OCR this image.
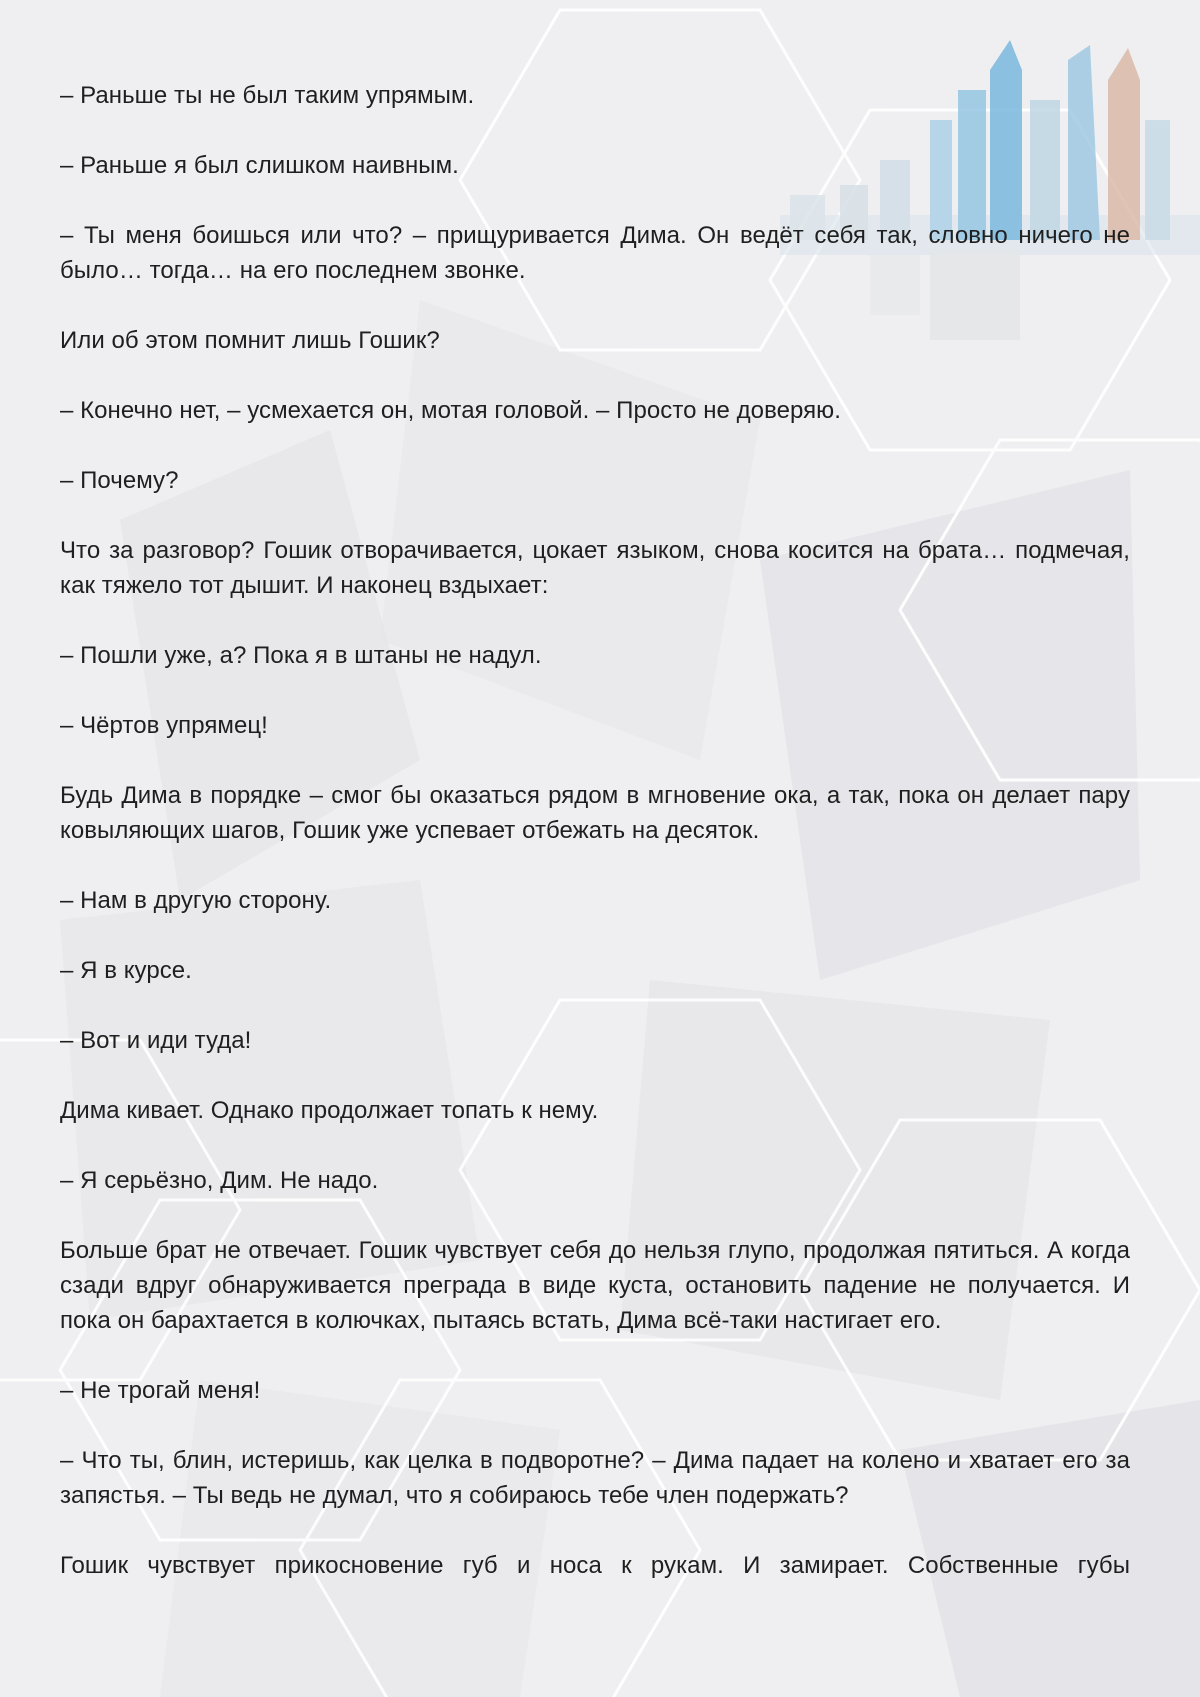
– Раньше ты не был таким упрямым.

– Раньше я был слишком наивным.

– Ты меня боишься или что? – прищуривается Дима. Он ведёт себя так, словно ничего не было… тогда… на его последнем звонке.

Или об этом помнит лишь Гошик?

– Конечно нет, – усмехается он, мотая головой. – Просто не доверяю.

– Почему?

Что за разговор? Гошик отворачивается, цокает языком, снова косится на брата… подмечая, как тяжело тот дышит. И наконец вздыхает:

– Пошли уже, а? Пока я в штаны не надул.

– Чёртов упрямец!

Будь Дима в порядке – смог бы оказаться рядом в мгновение ока, а так, пока он делает пару ковыляющих шагов, Гошик уже успевает отбежать на десяток.

– Нам в другую сторону.

– Я в курсе.

– Вот и иди туда!

Дима кивает. Однако продолжает топать к нему.

– Я серьёзно, Дим. Не надо.

Больше брат не отвечает. Гошик чувствует себя до нельзя глупо, продолжая пятиться. А когда сзади вдруг обнаруживается преграда в виде куста, остановить падение не получается. И пока он барахтается в колючках, пытаясь встать, Дима всё-таки настигает его.

– Не трогай меня!

– Что ты, блин, истеришь, как целка в подворотне? – Дима падает на колено и хватает его за запястья. – Ты ведь не думал, что я собираюсь тебе член подержать?

Гошик чувствует прикосновение губ и носа к рукам. И замирает. Собственные губы
